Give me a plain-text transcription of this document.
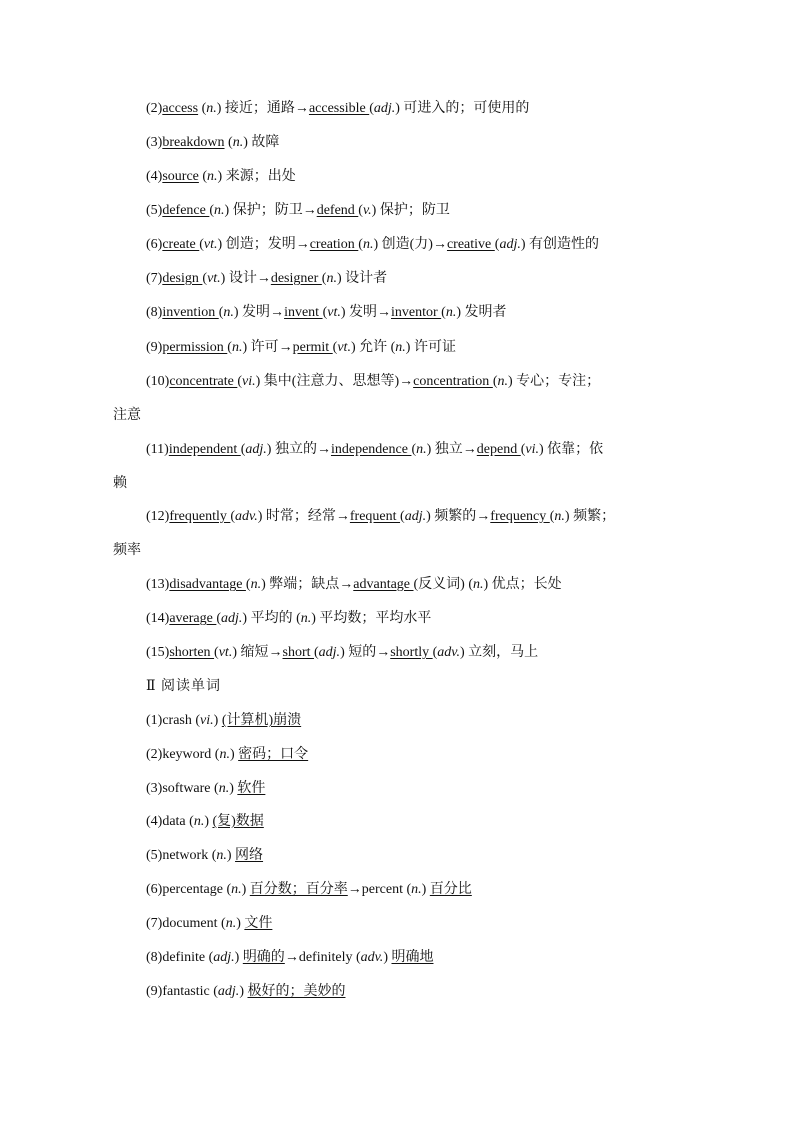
(2)access (n.) 接近；通路→accessible (adj.) 可进入的；可使用的
(3)breakdown (n.) 故障
(4)source (n.) 来源；出处
(5)defence (n.) 保护；防卫→defend (v.) 保护；防卫
(6)create (vt.) 创造；发明→creation (n.) 创造(力)→creative (adj.) 有创造性的
(7)design (vt.) 设计→designer (n.) 设计者
(8)invention (n.) 发明→invent (vt.) 发明→inventor (n.) 发明者
(9)permission (n.) 许可→permit (vt.) 允许 (n.) 许可证
(10)concentrate (vi.) 集中(注意力、思想等)→concentration (n.) 专心；专注；
注意
(11)independent (adj.) 独立的→independence (n.) 独立→depend (vi.) 依靠；依
赖
(12)frequently (adv.) 时常；经常→frequent (adj.) 频繁的→frequency (n.) 频繁；
频率
(13)disadvantage (n.) 弊端；缺点→advantage (反义词) (n.) 优点；长处
(14)average (adj.) 平均的 (n.) 平均数；平均水平
(15)shorten (vt.) 缩短→short (adj.) 短的→shortly (adv.) 立刻，马上
Ⅱ 阅读单词
(1)crash (vi.) (计算机)崩溃
(2)keyword (n.) 密码；口令
(3)software (n.) 软件
(4)data (n.) (复)数据
(5)network (n.) 网络
(6)percentage (n.) 百分数；百分率→percent (n.) 百分比
(7)document (n.) 文件
(8)definite (adj.) 明确的→definitely (adv.) 明确地
(9)fantastic (adj.) 极好的；美妙的
